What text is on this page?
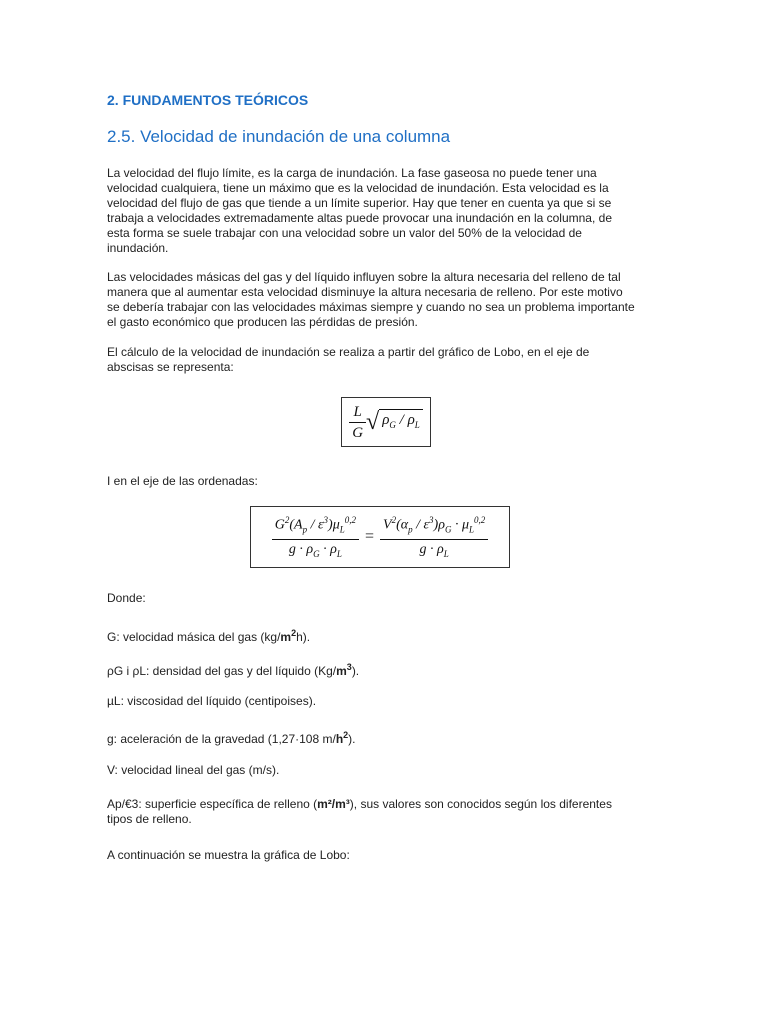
2. FUNDAMENTOS TEÓRICOS
2.5. Velocidad de inundación de una columna
La velocidad del flujo límite, es la carga de inundación. La fase gaseosa no puede tener una
velocidad cualquiera, tiene un máximo que es la velocidad de inundación. Esta velocidad es la
velocidad del flujo de gas que tiende a un límite superior. Hay que tener en cuenta ya que si se
trabaja a velocidades extremadamente altas puede provocar una inundación en la columna, de
esta forma se suele trabajar con una velocidad sobre un valor del 50% de la velocidad de
inundación.
Las velocidades másicas del gas y del líquido influyen sobre la altura necesaria del relleno de tal
manera que al aumentar esta velocidad disminuye la altura necesaria de relleno. Por este motivo
se debería trabajar con las velocidades máximas siempre y cuando no sea un problema importante
el gasto económico que producen las pérdidas de presión.
El cálculo de la velocidad de inundación se realiza a partir del gráfico de Lobo, en el eje de
abscisas se representa:
$\frac{L}{G}$ √ $\rho_G / \rho_L$
I en el eje de las ordenadas:
$\frac{G^2(A_p / \varepsilon^3)\mu_L^{0,2}}{g \cdot \rho_G \cdot \rho_L} = \frac{V^2(\alpha_p / \varepsilon^3)\rho_G \cdot \mu_L^{0,2}}{g \cdot \rho_L}$
Donde:
G: velocidad másica del gas $(kg/m^2h)$.
ρG i ρL: densidad del gas y del líquido $(Kg/m^3)$.
µL: viscosidad del líquido (centipoises).
g: aceleración de la gravedad (1,27·108 $m/h^2$).
V: velocidad lineal del gas (m/s).
Ap/€3: superficie específica de relleno (m²/m³), sus valores son conocidos según los diferentes
tipos de relleno.
A continuación se muestra la gráfica de Lobo:
